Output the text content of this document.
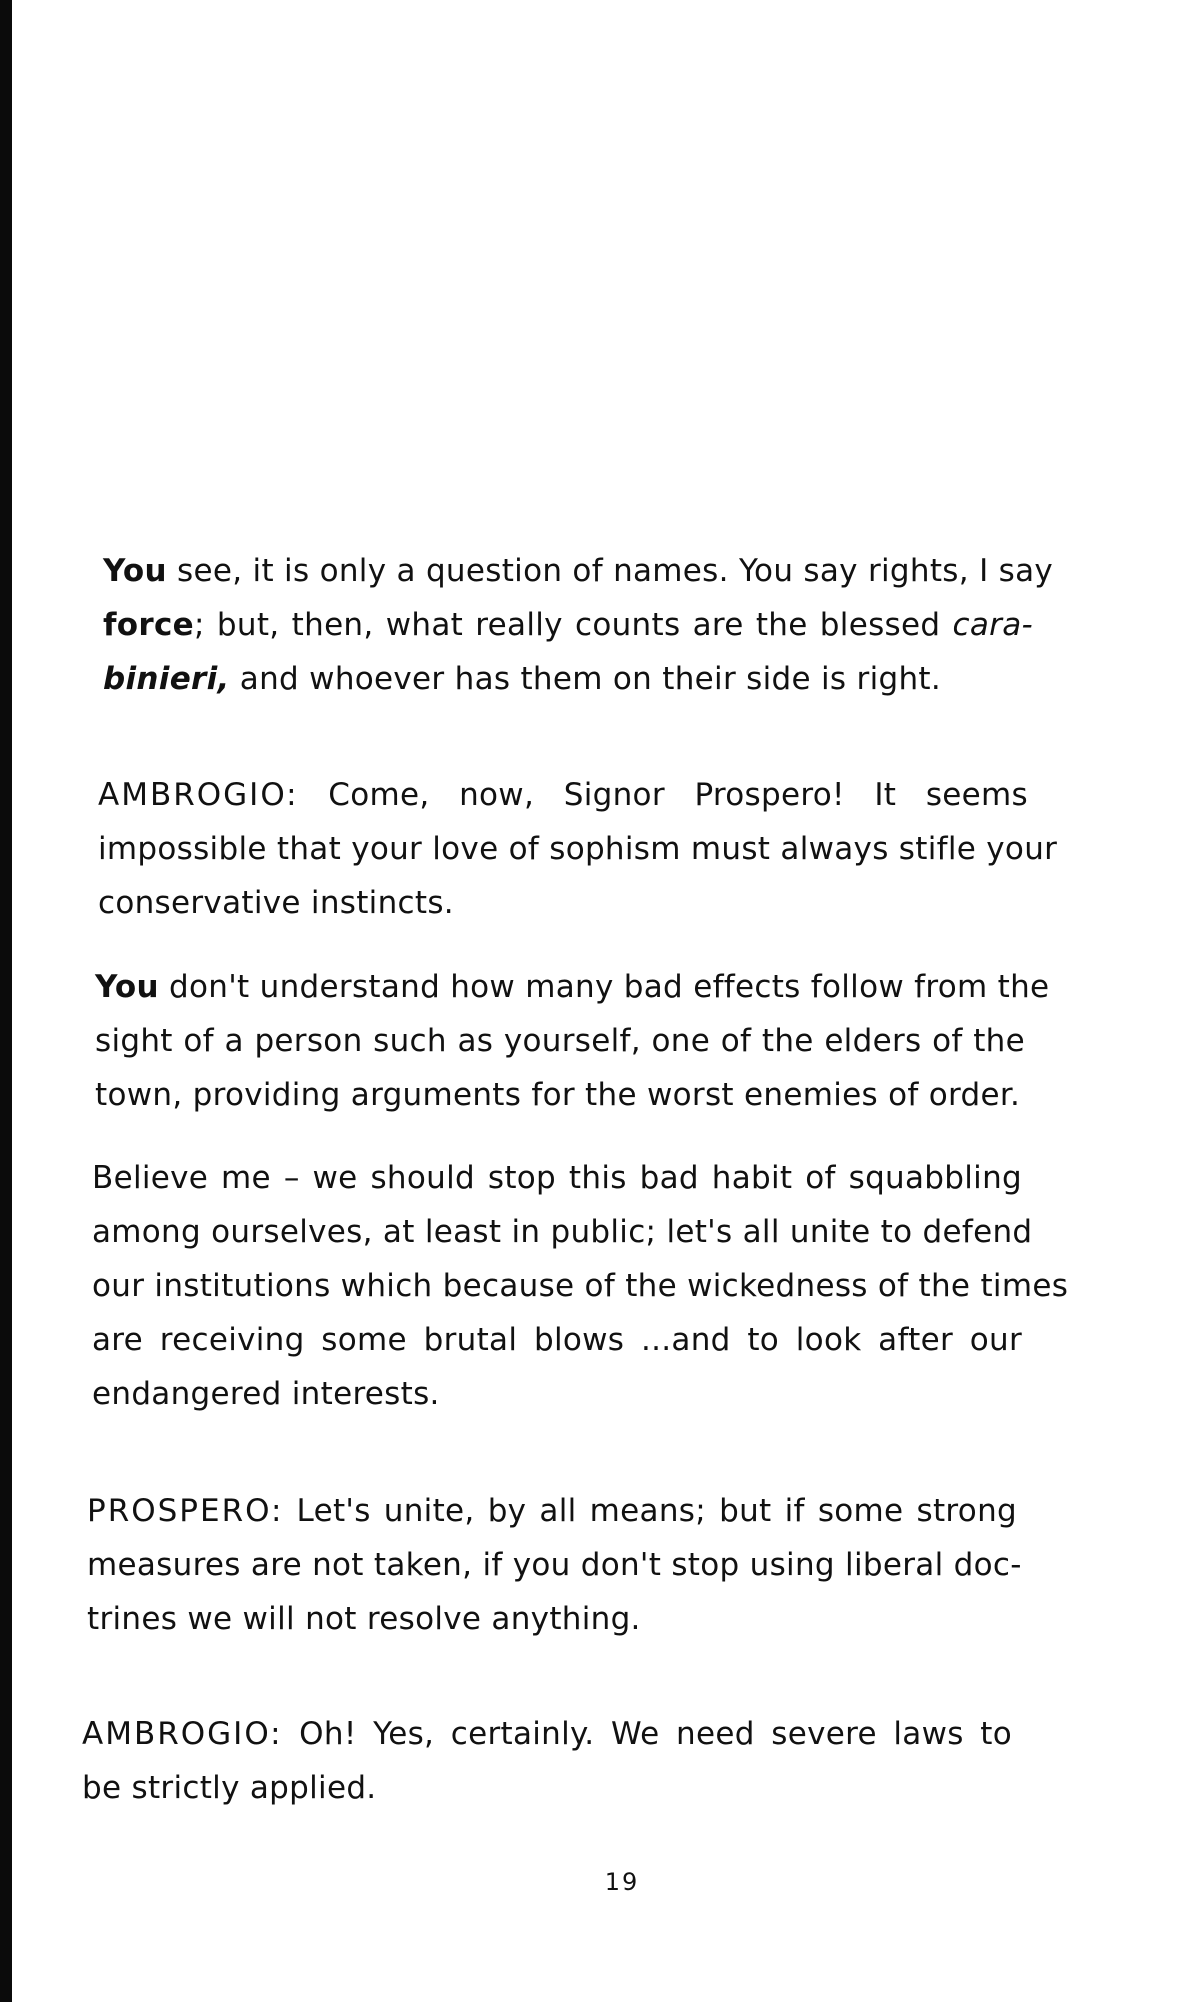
You see, it is only a question of names. You say rights, I say
force; but, then, what really counts are the blessed cara-
binieri, and whoever has them on their side is right.

AMBROGIO: Come, now, Signor Prospero! It seems
impossible that your love of sophism must always stifle your
conservative instincts.

You don't understand how many bad effects follow from the
sight of a person such as yourself, one of the elders of the
town, providing arguments for the worst enemies of order.

Believe me – we should stop this bad habit of squabbling
among ourselves, at least in public; let's all unite to defend
our institutions which because of the wickedness of the times
are receiving some brutal blows ...and to look after our
endangered interests.

PROSPERO: Let's unite, by all means; but if some strong
measures are not taken, if you don't stop using liberal doc-
trines we will not resolve anything.

AMBROGIO: Oh! Yes, certainly. We need severe laws to
be strictly applied.

19
